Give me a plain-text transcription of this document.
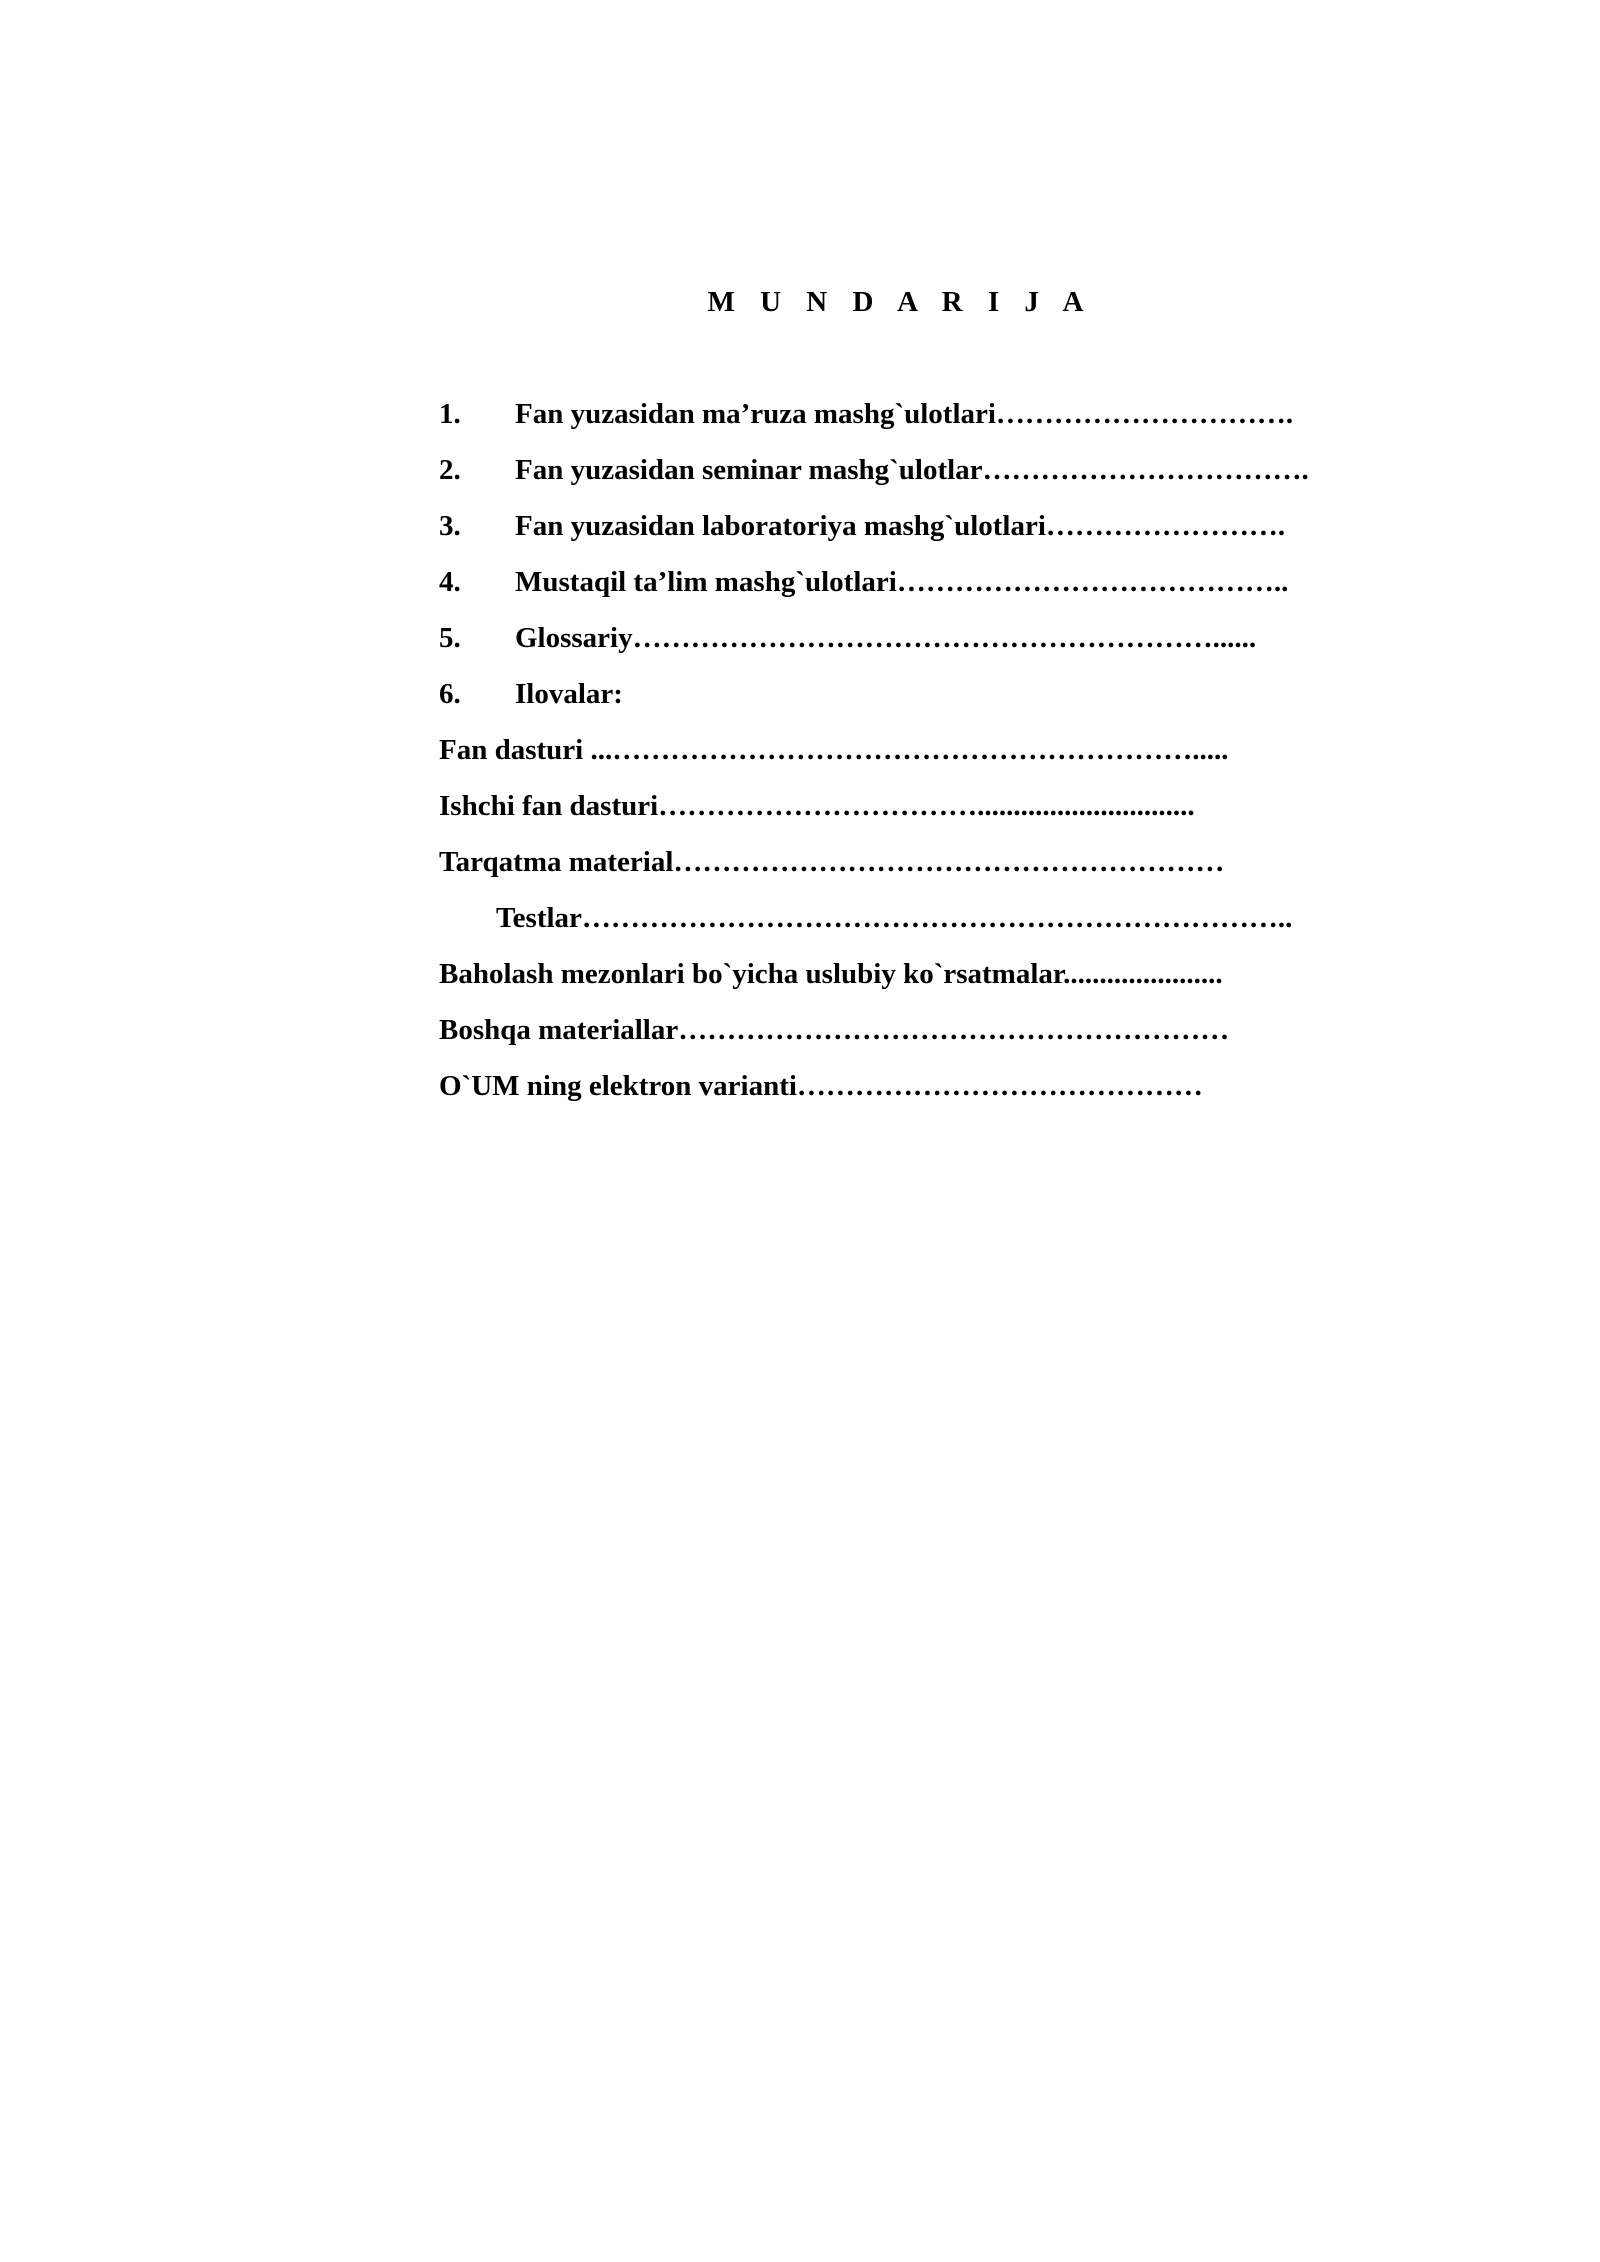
M U N D A R I J A
1. Fan yuzasidan ma’ruza mashg`ulotlari………………………….
2. Fan yuzasidan seminar mashg`ulotlar…………………………….
3. Fan yuzasidan laboratoriya mashg`ulotlari…………………….
4. Mustaqil ta’lim mashg`ulotlari…………………………………..
5. Glossariy……………………………………………………......
6. Ilovalar:
Fan dasturi ...…………………………………………………….....
Ishchi fan dasturi……………………………..............................
Tarqatma material…………………………………………………
Testlar………………………………………………………………..
Baholash mezonlari bo`yicha uslubiy ko`rsatmalar......................
Boshqa materiallar…………………………………………………
O`UM ning elektron varianti……………………………………
